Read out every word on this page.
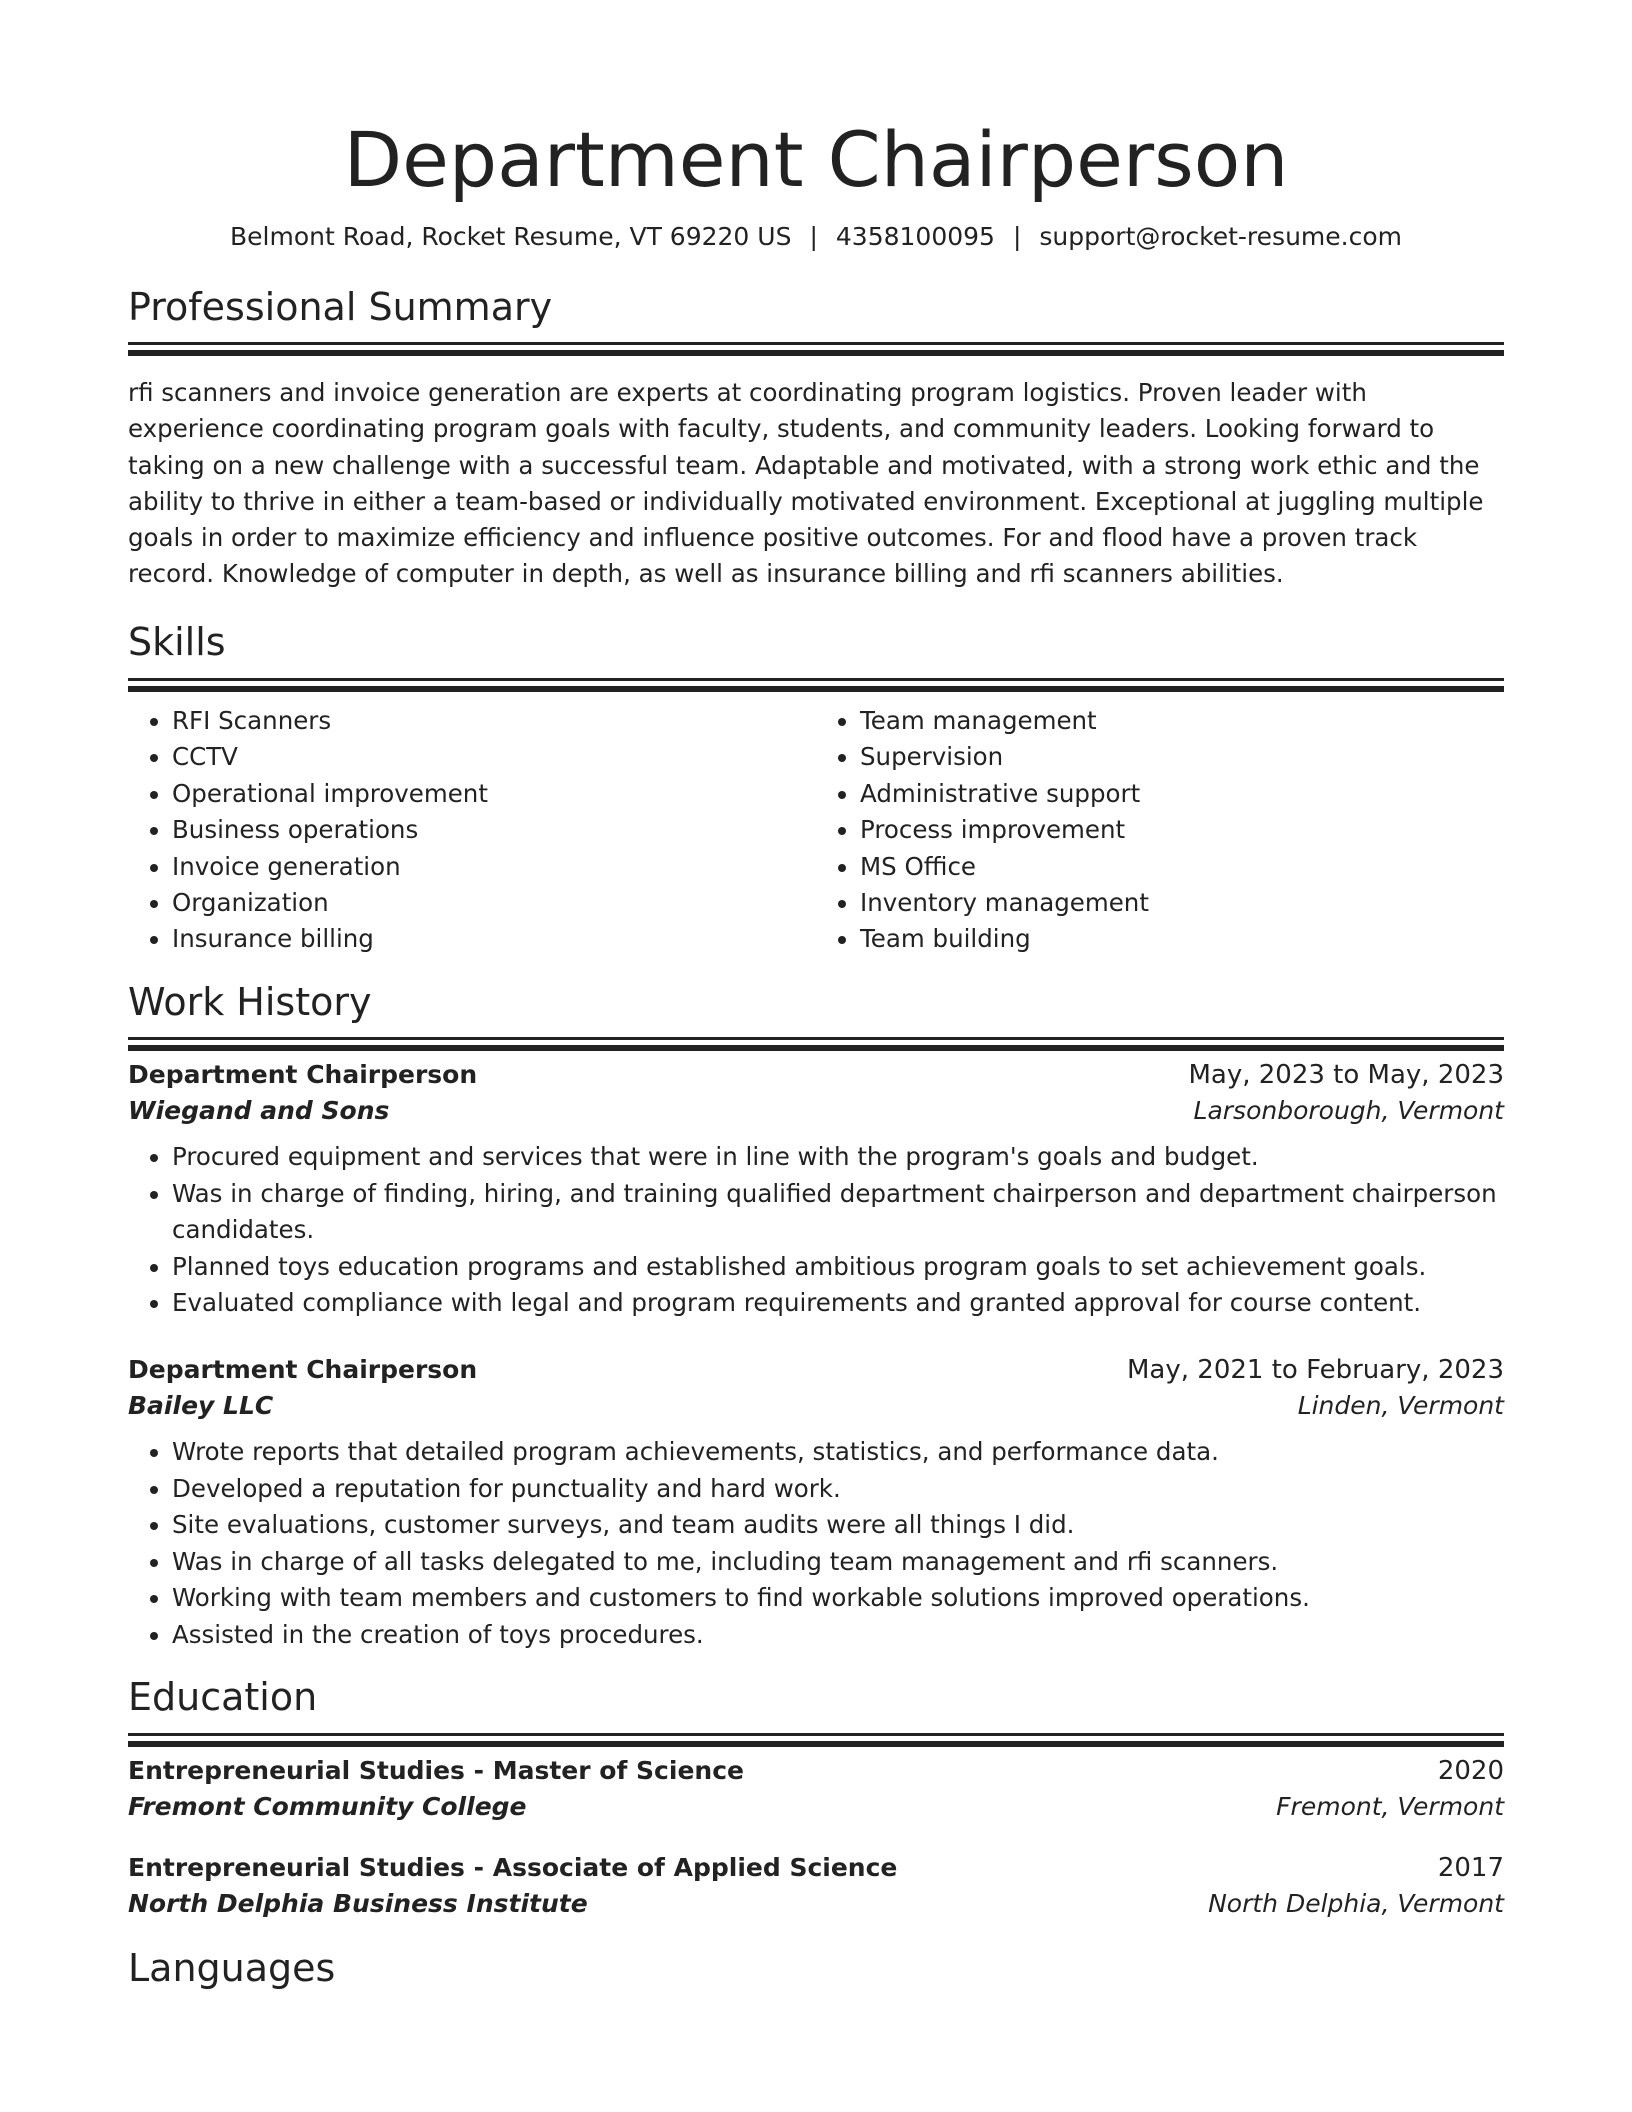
Department Chairperson
Belmont Road, Rocket Resume, VT 69220 US | 4358100095 | support@rocket-resume.com
Professional Summary
rfi scanners and invoice generation are experts at coordinating program logistics. Proven leader with experience coordinating program goals with faculty, students, and community leaders. Looking forward to taking on a new challenge with a successful team. Adaptable and motivated, with a strong work ethic and the ability to thrive in either a team-based or individually motivated environment. Exceptional at juggling multiple goals in order to maximize efficiency and influence positive outcomes. For and flood have a proven track record. Knowledge of computer in depth, as well as insurance billing and rfi scanners abilities.
Skills
• RFI Scanners
• CCTV
• Operational improvement
• Business operations
• Invoice generation
• Organization
• Insurance billing
• Team management
• Supervision
• Administrative support
• Process improvement
• MS Office
• Inventory management
• Team building
Work History
Department Chairperson	May, 2023 to May, 2023
Wiegand and Sons	Larsonborough, Vermont
• Procured equipment and services that were in line with the program's goals and budget.
• Was in charge of finding, hiring, and training qualified department chairperson and department chairperson candidates.
• Planned toys education programs and established ambitious program goals to set achievement goals.
• Evaluated compliance with legal and program requirements and granted approval for course content.
Department Chairperson	May, 2021 to February, 2023
Bailey LLC	Linden, Vermont
• Wrote reports that detailed program achievements, statistics, and performance data.
• Developed a reputation for punctuality and hard work.
• Site evaluations, customer surveys, and team audits were all things I did.
• Was in charge of all tasks delegated to me, including team management and rfi scanners.
• Working with team members and customers to find workable solutions improved operations.
• Assisted in the creation of toys procedures.
Education
Entrepreneurial Studies - Master of Science	2020
Fremont Community College	Fremont, Vermont
Entrepreneurial Studies - Associate of Applied Science	2017
North Delphia Business Institute	North Delphia, Vermont
Languages
